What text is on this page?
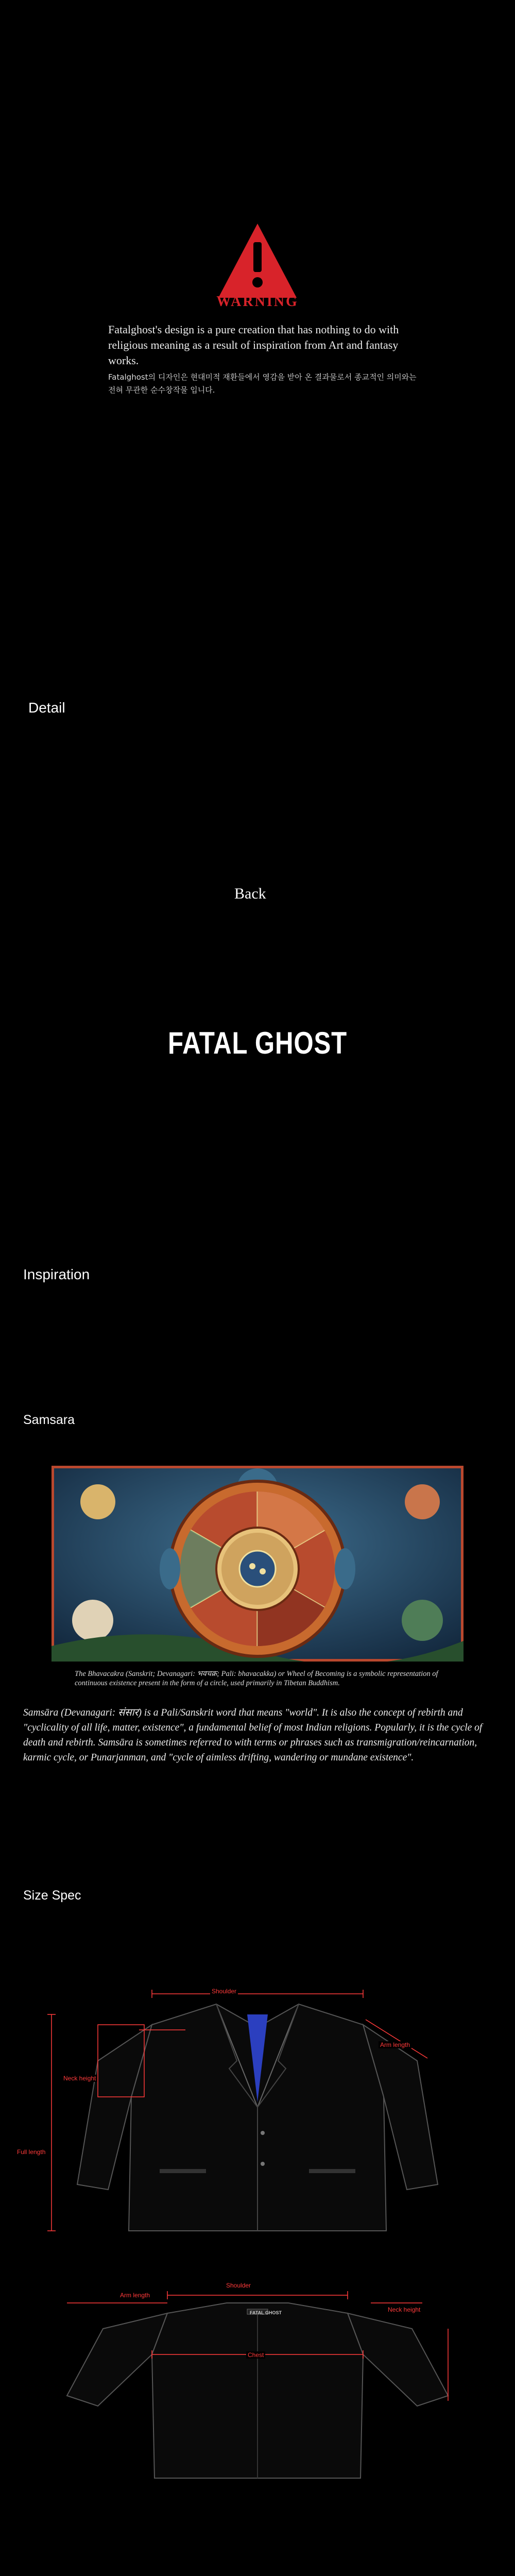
WARNING
Fatalghost's design is a pure creation that has nothing to do with religious meaning as a result of inspiration from Art and fantasy works.
Fatalghost의 디자인은 현대미적 재환들에서 영감을 받아 온 결과물로서 종교적인 의미와는 전혀 무관한 순수창작물 입니다.
Detail
Back
FATAL GHOST
Inspiration
Samsara
The Bhavacakra (Sanskrit; Devanagari: भवचक्र; Pali: bhavacakka) or Wheel of Becoming is a symbolic representation of continuous existence present in the form of a circle, used primarily in Tibetan Buddhism.
Samsāra (Devanagari: संसार) is a Pali/Sanskrit word that means "world". It is also the concept of rebirth and "cyclicality of all life, matter, existence", a fundamental belief of most Indian religions. Popularly, it is the cycle of death and rebirth. Samsāra is sometimes referred to with terms or phrases such as transmigration/reincarnation, karmic cycle, or Punarjanman, and "cycle of aimless drifting, wandering or mundane existence".
Size Spec
Shoulder
Arm length
Neck height
Full length
Shoulder
Arm length
Neck height
Chest
FATAL GHOST
